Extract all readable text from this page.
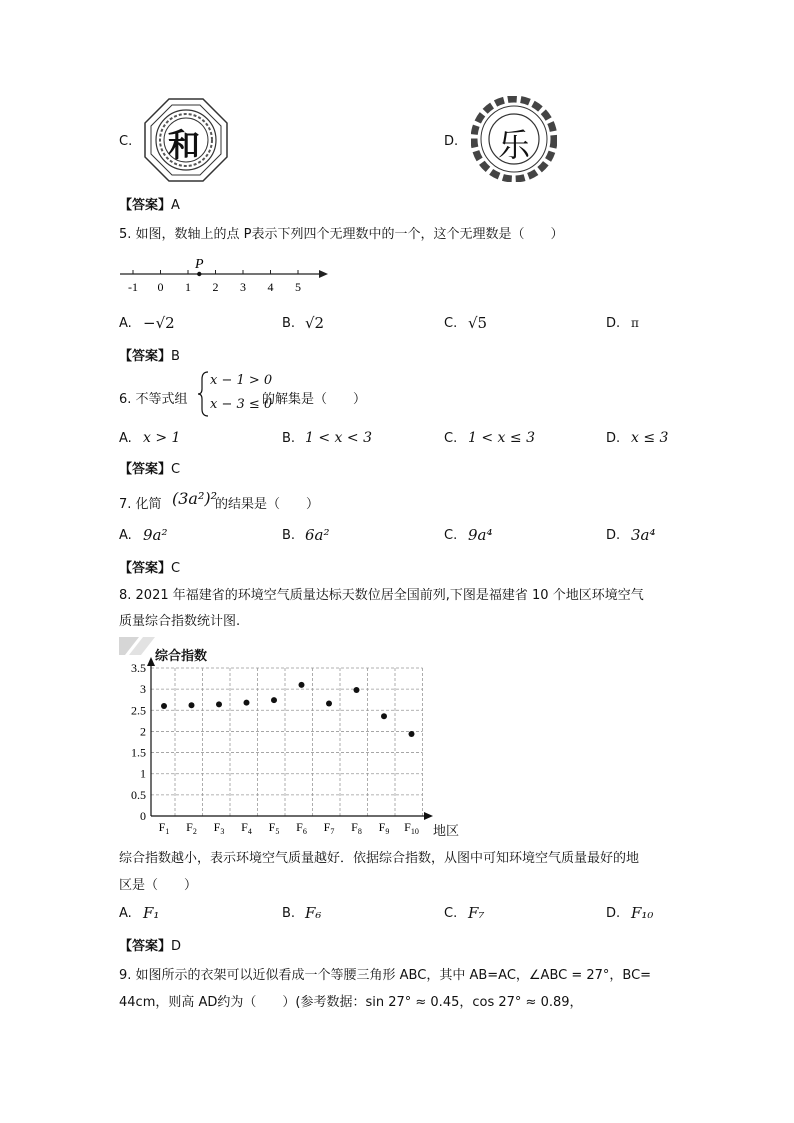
C. 和	D. 乐
【答案】A
5. 如图，数轴上的点 P表示下列四个无理数中的一个，这个无理数是（　　）
-1 0 1 2 3 4 5
P
A. −√2	B. √2	C. √5	D. π
【答案】B
6. 不等式组
x − 1 > 0
x − 3 ≤ 0
的解集是（　　）
A. x > 1	B. 1 < x < 3	C. 1 < x ≤ 3	D. x ≤ 3
【答案】C
7. 化简 (3a²)²
的结果是（　　）
A. 9a²	B. 6a²	C. 9a⁴	D. 3a⁴
【答案】C
8. 2021 年福建省的环境空气质量达标天数位居全国前列,下图是福建省 10 个地区环境空气
质量综合指数统计图.
0
0.5
1
1.5
2
2.5
3
3.5
$F_1$ $F_2$ $F_3$ $F_4$ $F_5$ $F_6$ $F_7$ $F_8$ $F_9$ $F_{10}$
综合指数
地区
综合指数越小，表示环境空气质量越好．依据综合指数，从图中可知环境空气质量最好的地
区是（　　）
A. F₁	B. F₆	C. F₇	D. F₁₀
【答案】D
9. 如图所示的衣架可以近似看成一个等腰三角形 ABC，其中 AB=AC，∠ABC = 27°，BC=
44cm，则高 AD约为（　　）(参考数据：sin 27° ≈ 0.45，cos 27° ≈ 0.89，
